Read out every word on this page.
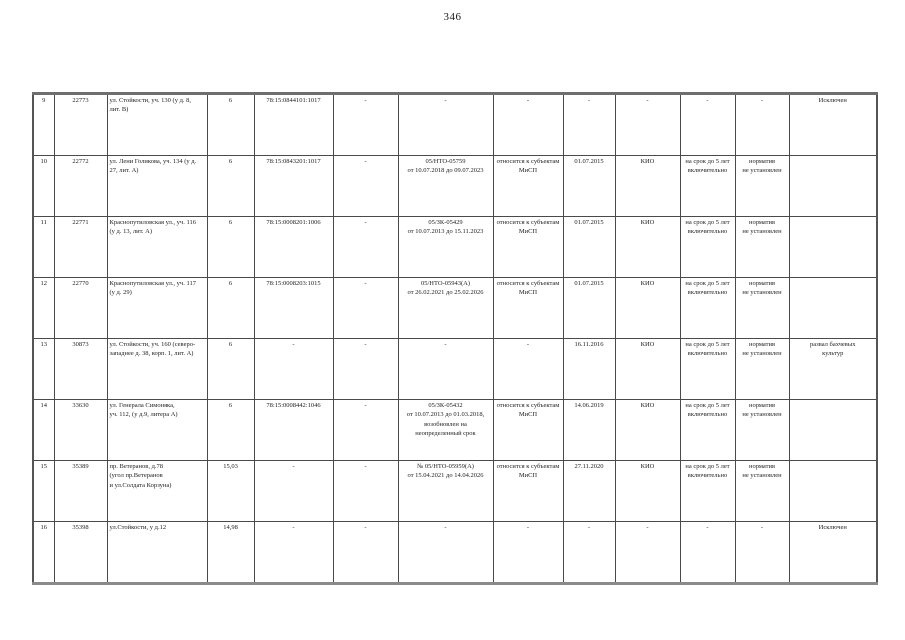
346
9	22773	ул. Стойкости, уч. 130 (у д. 8,
лит. В)	6	78:15:0844101:1017	-	-	-	-	-	-	-	Исключен
10	22772	ул. Лени Голикова, уч. 134 (у д.
27, лит. А)	6	78:15:0843201:1017	-	05/НТО-05759
от 10.07.2018 до 09.07.2023	относится к субъектам
МиСП	01.07.2015	КИО	на срок до 5 лет
включительно	норматив
не установлен	
11	22771	Краснопутиловская ул., уч. 116
(у д. 13, лит. А)	6	78:15:0008201:1006	-	05/ЗК-05429
от 10.07.2013 до 15.11.2023	относится к субъектам
МиСП	01.07.2015	КИО	на срок до 5 лет
включительно	норматив
не установлен	
12	22770	Краснопутиловская ул., уч. 117
(у д. 29)	6	78:15:0008203:1015	-	05/НТО-05943(А)
от 26.02.2021 до 25.02.2026	относится к субъектам
МиСП	01.07.2015	КИО	на срок до 5 лет
включительно	норматив
не установлен	
13	30873	ул. Стойкости, уч. 160 (северо-
западнее д. 38, корп. 1, лит. А)	6	-	-	-	-	16.11.2016	КИО	на срок до 5 лет
включительно	норматив
не установлен	развал бахчевых
культур
14	33630	ул. Генерала Симоняка,
уч. 112, (у д.9, литера А)	6	78:15:0008442:1046	-	05/ЗК-05432
от 10.07.2013 до 01.03.2018,
возобновлен на
неопределенный срок	относится к субъектам
МиСП	14.06.2019	КИО	на срок до 5 лет
включительно	норматив
не установлен	
15	35389	пр. Ветеранов, д.78
(угол пр.Ветеранов
и ул.Солдата Корзуна)	15,03	-	-	№ 05/НТО-05959(А)
от 15.04.2021 до 14.04.2026	относится к субъектам
МиСП	27.11.2020	КИО	на срок до 5 лет
включительно	норматив
не установлен	
16	35398	ул.Стойкости, у д.12	14,98	-	-	-	-	-	-	-	-	Исключен
